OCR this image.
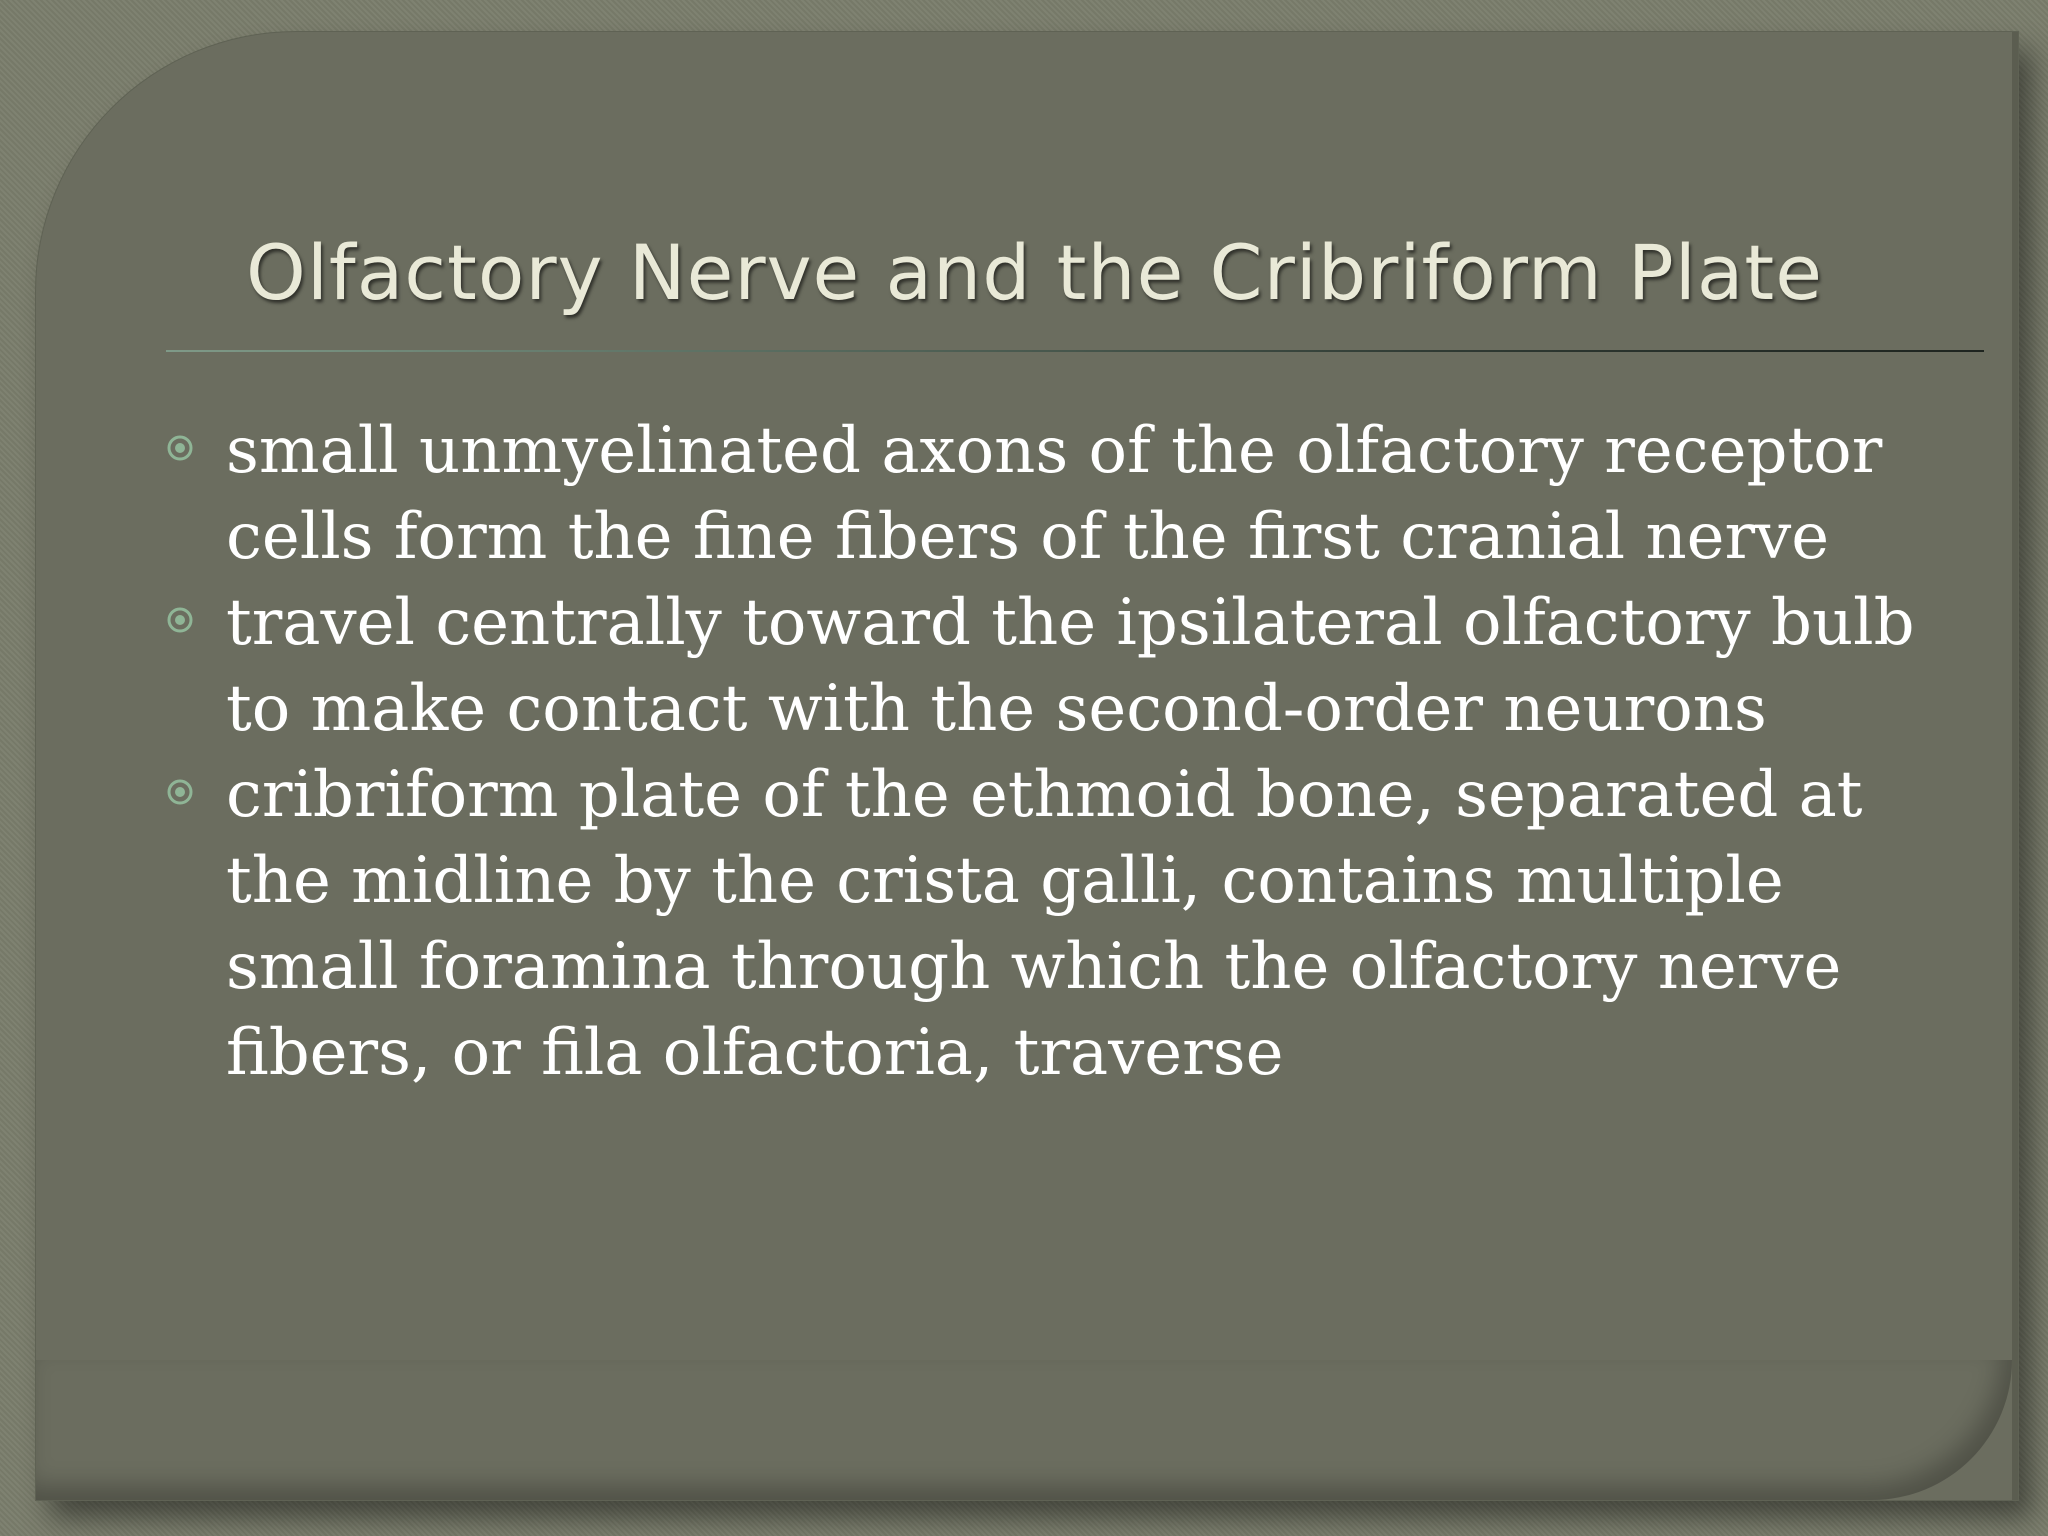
Olfactory Nerve and the Cribriform Plate
small unmyelinated axons of the olfactory receptor cells form the fine fibers of the first cranial nerve
travel centrally toward the ipsilateral olfactory bulb to make contact with the second-order neurons
cribriform plate of the ethmoid bone, separated at the midline by the crista galli, contains multiple small foramina through which the olfactory nerve fibers, or fila olfactoria, traverse
